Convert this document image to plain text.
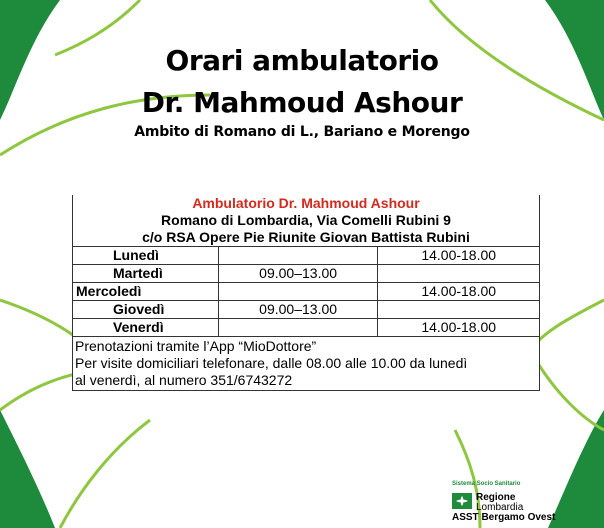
Orari ambulatorio
Dr. Mahmoud Ashour
Ambito di Romano di L., Bariano e Morengo
Ambulatorio Dr. Mahmoud Ashour		
Romano di Lombardia, Via Comelli Rubini 9		
c/o RSA Opere Pie Riunite Giovan Battista Rubini		
Lunedì		14.00-18.00
Martedì	09.00–13.00	
Mercoledì		14.00-18.00
Giovedì	09.00–13.00	
Venerdì		14.00-18.00

Prenotazioni tramite l’App “MioDottore”
Per visite domiciliari telefonare, dalle 08.00 alle 10.00 da lunedì
al venerdì, al numero 351/6743272		
Sistema Socio Sanitario
Regione
Lombardia
ASST Bergamo Ovest
